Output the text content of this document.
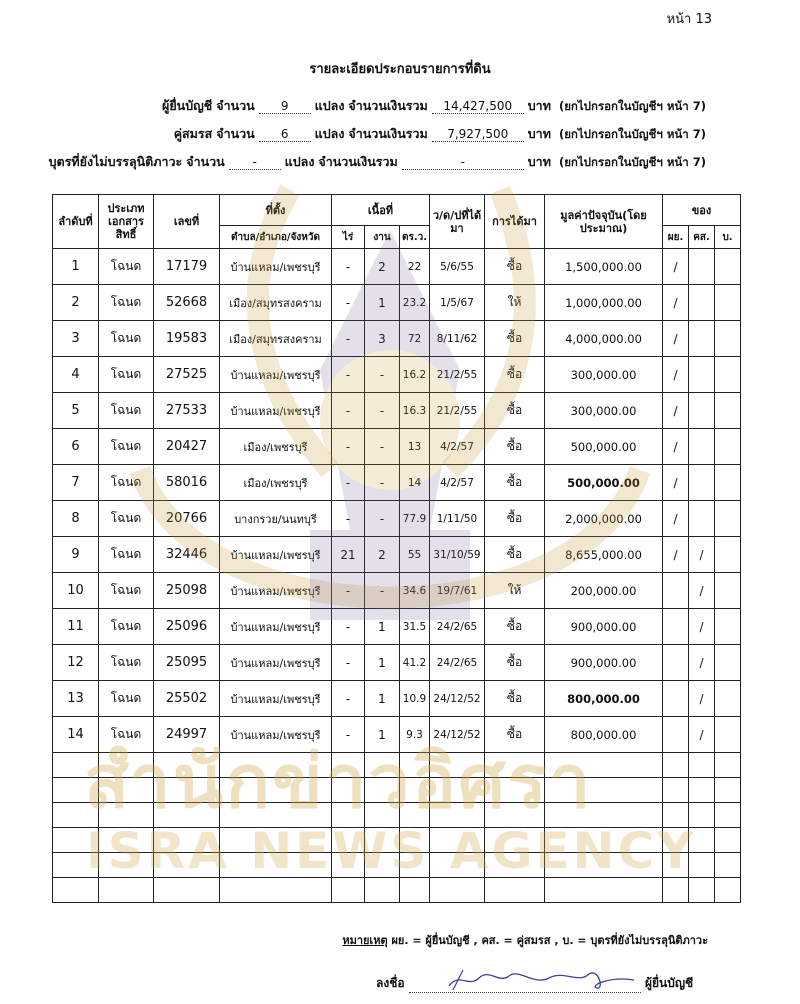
หน้า 13
รายละเอียดประกอบรายการที่ดิน
ผู้ยื่นบัญชี จำนวน 9 แปลง จำนวนเงินรวม 14,427,500 บาท (ยกไปกรอกในบัญชีฯ หน้า 7)
คู่สมรส จำนวน 6 แปลง จำนวนเงินรวม 7,927,500 บาท (ยกไปกรอกในบัญชีฯ หน้า 7)
บุตรที่ยังไม่บรรลุนิติภาวะ จำนวน - แปลง จำนวนเงินรวม	-	บาท (ยกไปกรอกในบัญชีฯ หน้า 7)
ลำดับที่	ประเภทเอกสารสิทธิ์	เลขที่	ที่ตั้ง	เนื้อที่			ว/ด/ปที่ได้มา	การได้มา	มูลค่าปัจจุบัน(โดยประมาณ)	ของ		
			ตำบล/อำเภอ/จังหวัด	ไร่	งาน	ตร.ว.				ผย.	คส.	บ.
1	โฉนด	17179	บ้านแหลม/เพชรบุรี	-	2	22	5/6/55	ซื้อ	1,500,000.00	/		
2	โฉนด	52668	เมือง/สมุทรสงคราม	-	1	23.2	1/5/67	ให้	1,000,000.00	/		
3	โฉนด	19583	เมือง/สมุทรสงคราม	-	3	72	8/11/62	ซื้อ	4,000,000.00	/		
4	โฉนด	27525	บ้านแหลม/เพชรบุรี	-	-	16.2	21/2/55	ซื้อ	300,000.00	/		
5	โฉนด	27533	บ้านแหลม/เพชรบุรี	-	-	16.3	21/2/55	ซื้อ	300,000.00	/		
6	โฉนด	20427	เมือง/เพชรบุรี	-	-	13	4/2/57	ซื้อ	500,000.00	/		
7	โฉนด	58016	เมือง/เพชรบุรี	-	-	14	4/2/57	ซื้อ	500,000.00	/		
8	โฉนด	20766	บางกรวย/นนทบุรี	-	-	77.9	1/11/50	ซื้อ	2,000,000.00	/		
9	โฉนด	32446	บ้านแหลม/เพชรบุรี	21	2	55	31/10/59	ซื้อ	8,655,000.00	/	/	
10	โฉนด	25098	บ้านแหลม/เพชรบุรี	-	-	34.6	19/7/61	ให้	200,000.00		/	
11	โฉนด	25096	บ้านแหลม/เพชรบุรี	-	1	31.5	24/2/65	ซื้อ	900,000.00		/	
12	โฉนด	25095	บ้านแหลม/เพชรบุรี	-	1	41.2	24/2/65	ซื้อ	900,000.00		/	
13	โฉนด	25502	บ้านแหลม/เพชรบุรี	-	1	10.9	24/12/52	ซื้อ	800,000.00		/	
14	โฉนด	24997	บ้านแหลม/เพชรบุรี	-	1	9.3	24/12/52	ซื้อ	800,000.00		/	

หมายเหตุ ผย. = ผู้ยื่นบัญชี , คส. = คู่สมรส , บ. = บุตรที่ยังไม่บรรลุนิติภาวะ
ลงชื่อ	ผู้ยื่นบัญชี
สำนักข่าวอิศรา
ISRA NEWS AGENCY
